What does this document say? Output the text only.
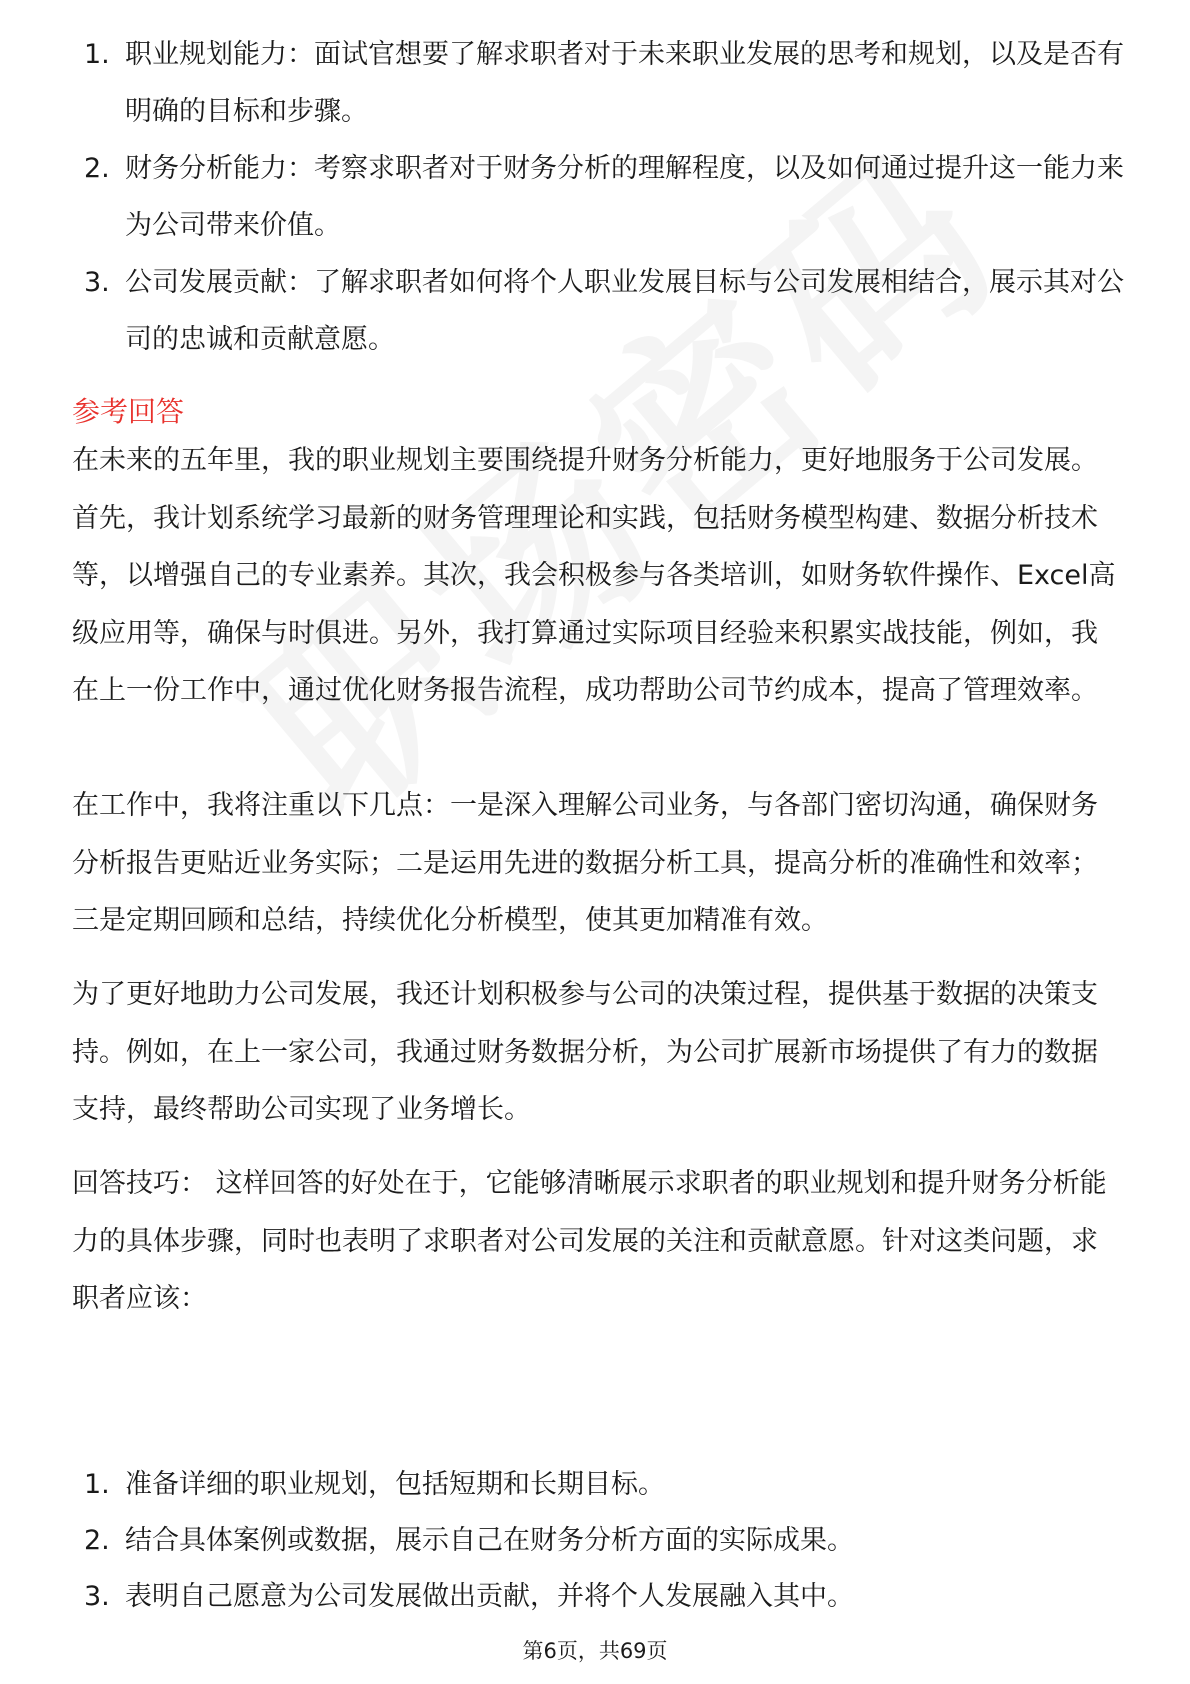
1. 职业规划能力：面试官想要了解求职者对于未来职业发展的思考和规划，以及是否有明确的目标和步骤。
2. 财务分析能力：考察求职者对于财务分析的理解程度，以及如何通过提升这一能力来为公司带来价值。
3. 公司发展贡献：了解求职者如何将个人职业发展目标与公司发展相结合，展示其对公司的忠诚和贡献意愿。
参考回答

在未来的五年里，我的职业规划主要围绕提升财务分析能力，更好地服务于公司发展。首先，我计划系统学习最新的财务管理理论和实践，包括财务模型构建、数据分析技术等，以增强自己的专业素养。其次，我会积极参与各类培训，如财务软件操作、Excel高级应用等，确保与时俱进。另外，我打算通过实际项目经验来积累实战技能，例如，我在上一份工作中，通过优化财务报告流程，成功帮助公司节约成本，提高了管理效率。

在工作中，我将注重以下几点：一是深入理解公司业务，与各部门密切沟通，确保财务分析报告更贴近业务实际；二是运用先进的数据分析工具，提高分析的准确性和效率；三是定期回顾和总结，持续优化分析模型，使其更加精准有效。

为了更好地助力公司发展，我还计划积极参与公司的决策过程，提供基于数据的决策支持。例如，在上一家公司，我通过财务数据分析，为公司扩展新市场提供了有力的数据支持，最终帮助公司实现了业务增长。

回答技巧： 这样回答的好处在于，它能够清晰展示求职者的职业规划和提升财务分析能力的具体步骤，同时也表明了求职者对公司发展的关注和贡献意愿。针对这类问题，求职者应该：

1. 准备详细的职业规划，包括短期和长期目标。
2. 结合具体案例或数据，展示自己在财务分析方面的实际成果。
3. 表明自己愿意为公司发展做出贡献，并将个人发展融入其中。
第6页，共69页
